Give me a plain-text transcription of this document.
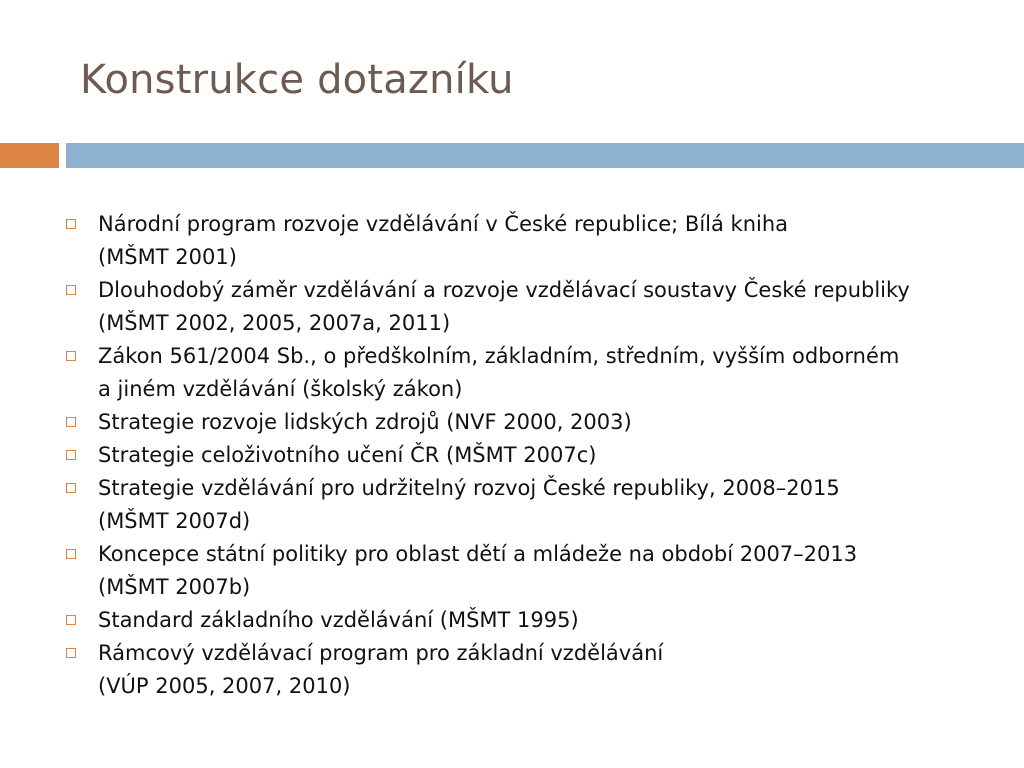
Konstrukce dotazníku
Národní program rozvoje vzdělávání v České republice; Bílá kniha
(MŠMT 2001)
Dlouhodobý záměr vzdělávání a rozvoje vzdělávací soustavy České republiky
(MŠMT 2002, 2005, 2007a, 2011)
Zákon 561/2004 Sb., o předškolním, základním, středním, vyšším odborném
a jiném vzdělávání (školský zákon)
Strategie rozvoje lidských zdrojů (NVF 2000, 2003)
Strategie celoživotního učení ČR (MŠMT 2007c)
Strategie vzdělávání pro udržitelný rozvoj České republiky, 2008–2015
(MŠMT 2007d)
Koncepce státní politiky pro oblast dětí a mládeže na období 2007–2013
(MŠMT 2007b)
Standard základního vzdělávání (MŠMT 1995)
Rámcový vzdělávací program pro základní vzdělávání
(VÚP 2005, 2007, 2010)
